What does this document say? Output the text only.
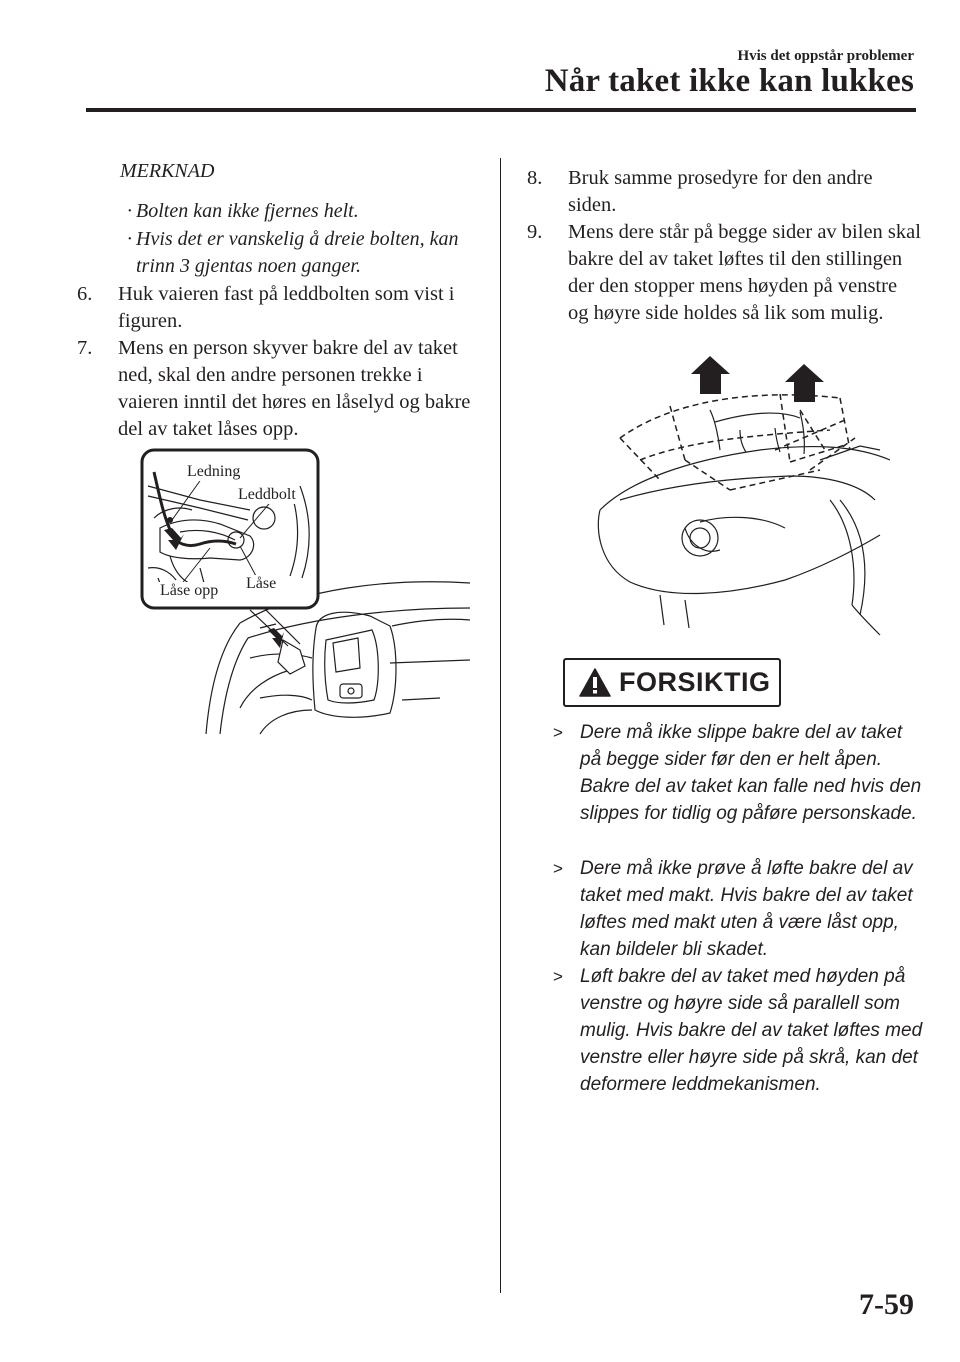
Hvis det oppstår problemer
Når taket ikke kan lukkes
MERKNAD
· Bolten kan ikke fjernes helt.
· Hvis det er vanskelig å dreie bolten, kan trinn 3 gjentas noen ganger.
6.	Huk vaieren fast på leddbolten som vist i figuren.
7.	Mens en person skyver bakre del av taket ned, skal den andre personen trekke i vaieren inntil det høres en låselyd og bakre del av taket låses opp.
Ledning
Leddbolt
Låse opp Låse
8.	Bruk samme prosedyre for den andre siden.
9.	Mens dere står på begge sider av bilen skal bakre del av taket løftes til den stillingen der den stopper mens høyden på venstre og høyre side holdes så lik som mulig.
FORSIKTIG
> Dere må ikke slippe bakre del av taket på begge sider før den er helt åpen. Bakre del av taket kan falle ned hvis den slippes for tidlig og påføre personskade.
> Dere må ikke prøve å løfte bakre del av taket med makt. Hvis bakre del av taket løftes med makt uten å være låst opp, kan bildeler bli skadet.
> Løft bakre del av taket med høyden på venstre og høyre side så parallell som mulig. Hvis bakre del av taket løftes med venstre eller høyre side på skrå, kan det deformere leddmekanismen.
7-59
